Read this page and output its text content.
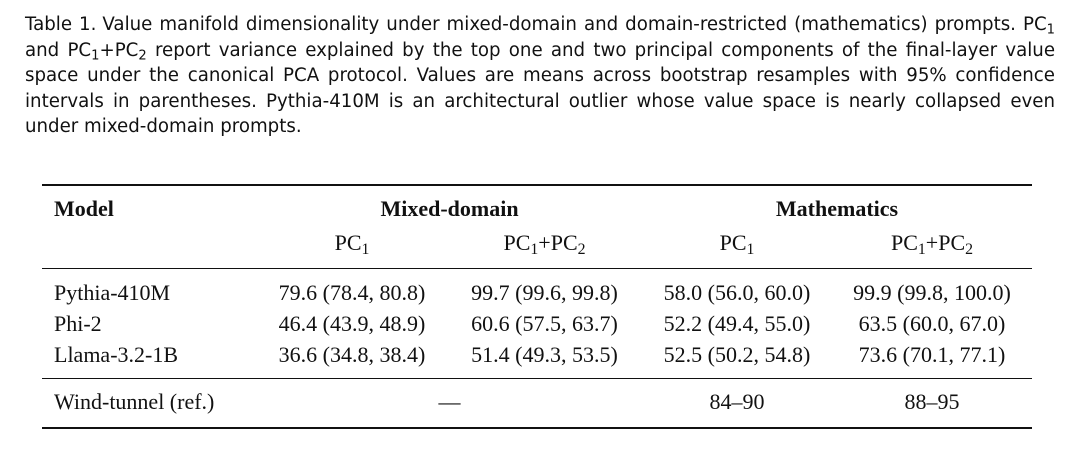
Table 1. Value manifold dimensionality under mixed-domain and domain-restricted (mathematics) prompts. $PC_1$ and $PC_1+PC_2$ report variance explained by the top one and two principal components of the final-layer value space under the canonical PCA protocol. Values are means across bootstrap resamples with 95% confidence intervals in parentheses. Pythia-410M is an architectural outlier whose value space is nearly collapsed even under mixed-domain prompts.

Model	Mixed-domain		Mathematics	
	$PC_1$	$PC_1+PC_2$	$PC_1$	$PC_1+PC_2$
Pythia-410M	79.6 (78.4, 80.8)	99.7 (99.6, 99.8)	58.0 (56.0, 60.0)	99.9 (99.8, 100.0)
Phi-2	46.4 (43.9, 48.9)	60.6 (57.5, 63.7)	52.2 (49.4, 55.0)	63.5 (60.0, 67.0)
Llama-3.2-1B	36.6 (34.8, 38.4)	51.4 (49.3, 53.5)	52.5 (50.2, 54.8)	73.6 (70.1, 77.1)
Wind-tunnel (ref.)	—		84–90	88–95
